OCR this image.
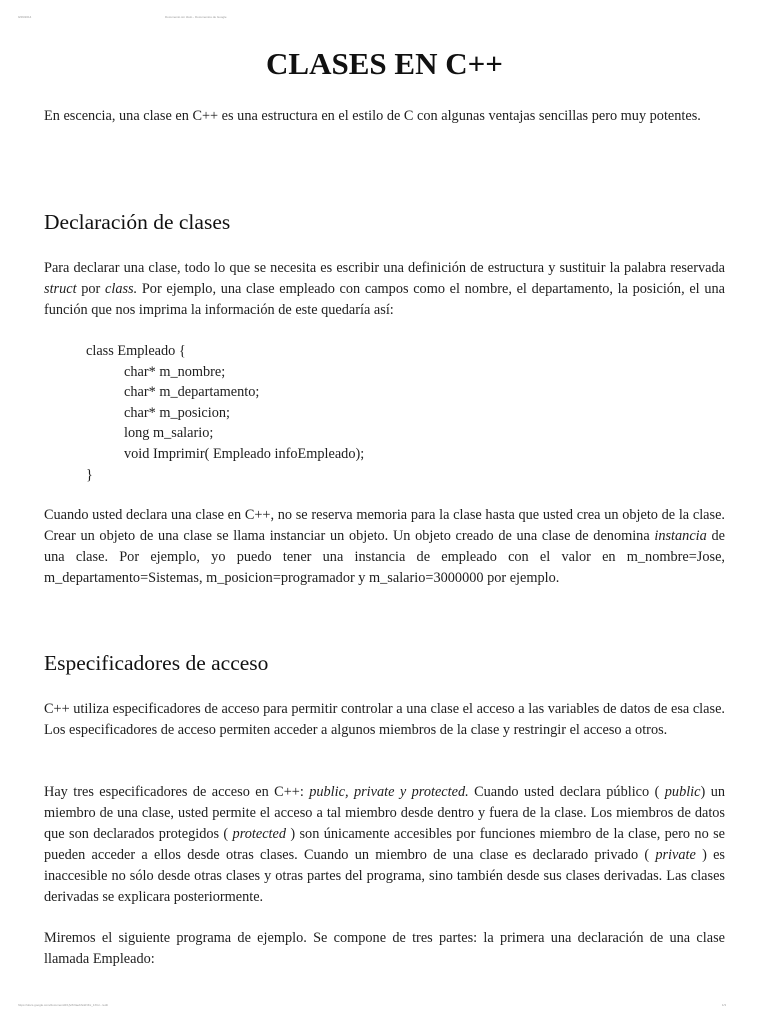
9/29/2014	Documento sin título - Documentos de Google
CLASES EN C++

En escencia, una clase en C++ es una estructura en el estilo de C con algunas ventajas sencillas pero muy potentes.

Declaración de clases

Para declarar una clase, todo lo que se necesita es escribir una definición de estructura y sustituir la palabra reservada struct por class. Por ejemplo, una clase empleado con campos como el nombre, el departamento, la posición, el una función que nos imprima la información de este quedaría así:

class Empleado {
char* m_nombre;
char* m_departamento;
char* m_posicion;
long m_salario;
void Imprimir( Empleado infoEmpleado);
}

Cuando usted declara una clase en C++, no se reserva memoria para la clase hasta que usted crea un objeto de la clase. Crear un objeto de una clase se llama instanciar un objeto. Un objeto creado de una clase de denomina instancia de una clase. Por ejemplo, yo puedo tener una instancia de empleado con el valor en m_nombre=Jose, m_departamento=Sistemas, m_posicion=programador y m_salario=3000000 por ejemplo.

Especificadores de acceso

C++ utiliza especificadores de acceso para permitir controlar a una clase el acceso a las variables de datos de esa clase. Los especificadores de acceso permiten acceder a algunos miembros de la clase y restringir el acceso a otros.

Hay tres especificadores de acceso en C++: public, private y protected. Cuando usted declara público ( public) un miembro de una clase, usted permite el acceso a tal miembro desde dentro y fuera de la clase. Los miembros de datos que son declarados protegidos ( protected ) son únicamente accesibles por funciones miembro de la clase, pero no se pueden acceder a ellos desde otras clases. Cuando un miembro de una clase es declarado privado ( private ) es inaccesible no sólo desde otras clases y otras partes del programa, sino también desde sus clases derivadas. Las clases derivadas se explicara posteriormente.

Miremos el siguiente programa de ejemplo. Se compone de tres partes: la primera una declaración de una clase llamada Empleado:

https://docs.google.com/document/d/1jVZrlIaebhnkNKx_1XGr.../edit	1/3
